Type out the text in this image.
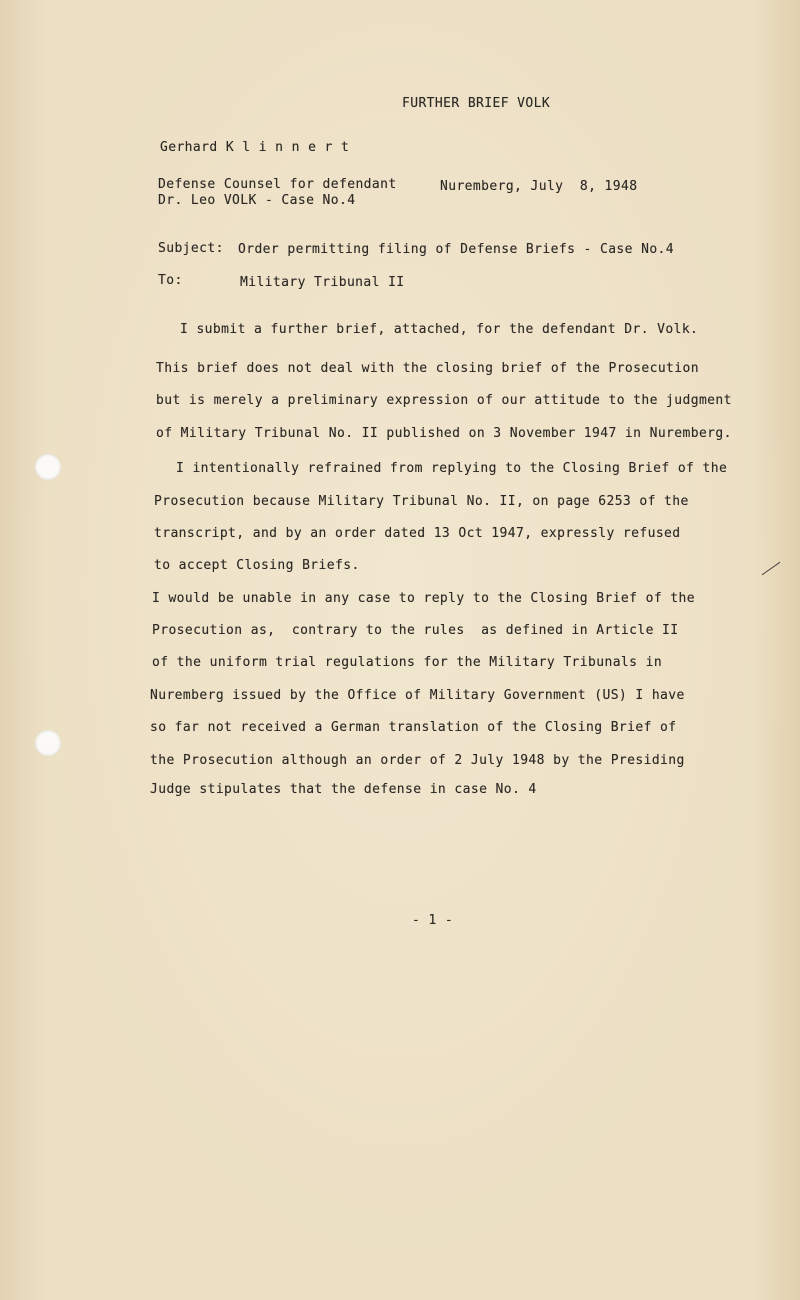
FURTHER BRIEF VOLK
Gerhard K l i n n e r t
Defense Counsel for defendant	Nuremberg, July  8, 1948
Dr. Leo VOLK - Case No.4
Subject: Order permitting filing of Defense Briefs - Case No.4
To:	Military Tribunal II
I submit a further brief, attached, for the defendant Dr. Volk.
This brief does not deal with the closing brief of the Prosecution
but is merely a preliminary expression of our attitude to the judgment
of Military Tribunal No. II published on 3 November 1947 in Nuremberg.
I intentionally refrained from replying to the Closing Brief of the
Prosecution because Military Tribunal No. II, on page 6253 of the
transcript, and by an order dated 13 Oct 1947, expressly refused
to accept Closing Briefs.
I would be unable in any case to reply to the Closing Brief of the
Prosecution as,  contrary to the rules  as defined in Article II
of the uniform trial regulations for the Military Tribunals in
Nuremberg issued by the Office of Military Government (US) I have
so far not received a German translation of the Closing Brief of
the Prosecution although an order of 2 July 1948 by the Presiding
Judge stipulates that the defense in case No. 4
- 1 -
